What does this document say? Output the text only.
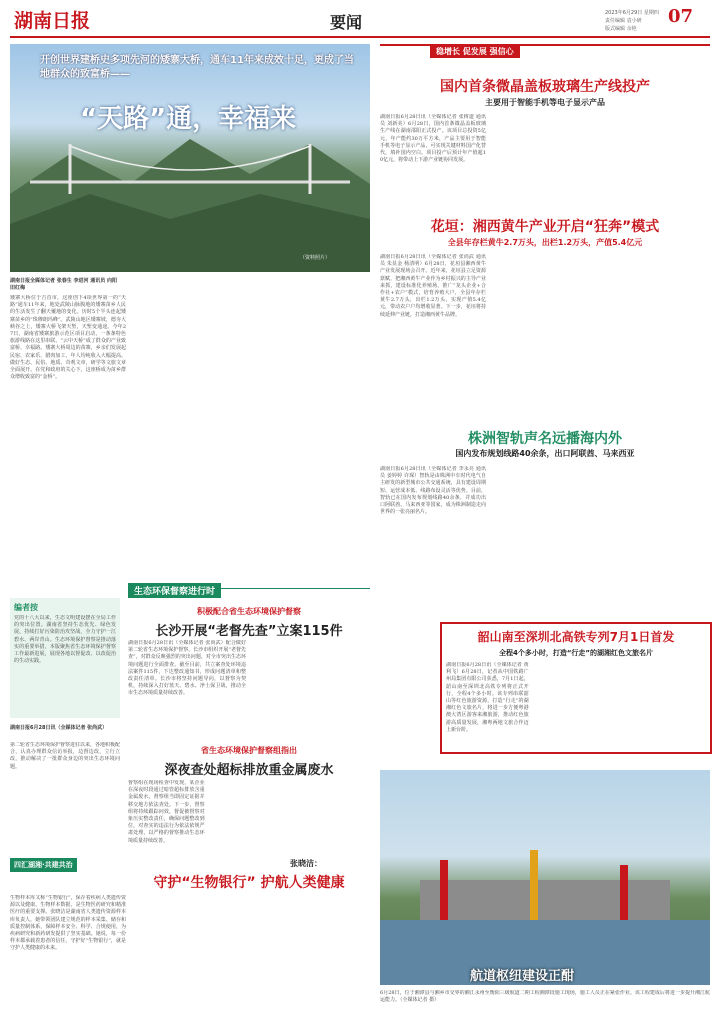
湖南日报	要闻	2023年6月29日 星期四
责任编辑 袁小研
版式编辑 余艳
07
开创世界建桥史多项先河的矮寨大桥，通车11年来成效十足，更成了当地群众的致富桥——
“天路”通，幸福来
（资料照片）
湖南日报全媒体记者 张春生 李进河 通讯员 向阳 田红梅
矮寨大桥位于吉首市，这座创下4项世界第一的“天路”通车11年来，地处武陵山脉腹地的矮寨苗乡人民的生活发生了翻天覆地的变化。历时5个半头连起矮寨苗乡的“珠穆朗玛峰”。武陵山地区矮寨坡，德夯大峡谷之上，矮寨大桥飞架天堑，天堑变通途。今年27日，湖南省矮寨旅游示范区项目启动，一条条特色旅游线路在这里串联。“云中天桥”成了群众的产业致富桥、幸福路。矮寨大桥周边的苗寨，乡亲们发展起民宿、农家乐、腊肉加工，年人均纯收入大幅提高。做好生态、民俗、地质、奇观文章，研学等文旅文章全面展开。在党和政府的关心下，这座桥成为苗乡群众增收致富的“金桥”。
编者按
党的十八大以来，生态文明建设摆在全局工作的突出位置。湖南省坚持生态优先、绿色发展，持续打好污染防治攻坚战，全力守护一江碧水、两岸青山。生态环境保护督察是推动落实的重要举措，本版聚焦省生态环境保护督察工作最新进展，展现各地以督促改、以改促治的生动实践。
生态环保督察进行时
积极配合省生态环境保护督察
长沙开展“老督先查”立案115件
湖南日报6月28日讯（全媒体记者 张尚武）配合做好第二轮省生态环境保护督察，长沙市组织开展“老督先查”，对群众反映强烈的突出问题、对全市突出生态环境问题进行全面排查。截至目前，共立案查处环境违法案件115件，下达整改通知书，形成问题清单和整改责任清单。长沙市将坚持问题导向，以督察为契机，持续深入打好蓝天、碧水、净土保卫战，推动全市生态环境质量持续改善。
湖南日报6月28日讯（全媒体记者 张尚武）
第二轮省生态环境保护督察进驻以来，各地积极配合，认真办理群众信访举报，边督边改，立行立改，推动解决了一批群众身边的突出生态环境问题。
省生态环境保护督察组指出
深夜查处超标排放重金属废水
督察组在现场检查中发现，某企业在深夜时段通过暗管超标排放含重金属废水，督察组当即固定证据并移交地方依法查处。下一步，督察组将持续跟踪问效，督促被督察对象压实整改责任，确保问题整改到位，对查实的违法行为依法依规严肃处理，以严格的督察推动生态环境质量持续改善。
四汇湖湘·共建共治	张晓洁：
守护“生物银行” 护航人类健康
生物样本库又称“生物银行”，保存着疾病人类遗传资源以及健康、生物样本数据，是生物医药研究和精准医疗的重要支撑。张晓洁是湖南省人类遗传资源样本库负责人，她带领团队建立规范的样本采集、储存和质量控制体系，保障样本安全、科学、合规使用，为疾病研究和新药研发提供了坚实基础。她说，每一份样本都承载着患者的信任，守护好“生物银行”，就是守护人类健康的未来。
稳增长 促发展 强信心
国内首条微晶盖板玻璃生产线投产
主要用于智能手机等电子显示产品
湖南日报6月28日讯（全媒体记者 张树道 通讯员 刘新美）6月28日，国内首条微晶盖板玻璃生产线在湖南邵阳正式投产。该项目总投资5亿元，年产能约30万平方米，产品主要用于智能手机等电子显示产品，可实现关键材料国产化替代，填补国内空白。项目投产后预计年产值超10亿元，将带动上下游产业链协同发展。
花垣：湘西黄牛产业开启“狂奔”模式
全县年存栏黄牛2.7万头，出栏1.2万头，产值5.4亿元
湖南日报6月28日讯（全媒体记者 张尚武 通讯员 朱显金 杨清明）6月28日，花垣县湘西黄牛产业发展现场会召开。近年来，花垣县立足资源禀赋，把湘西黄牛产业作为乡村振兴的主导产业来抓，建设标准化养殖场，推广“龙头企业+合作社+农户”模式，培育养殖大户，全县年存栏黄牛2.7万头，出栏1.2万头，实现产值5.4亿元，带动农户户均增收显著。下一步，花垣将持续延伸产业链，打造湘西黄牛品牌。
株洲智轨声名远播海内外
国内发布规划线路40余条，出口阿联酋、马来西亚
湖南日报6月28日讯（全媒体记者 李永亮 通讯员 姜婷婷 许琛）智轨是由株洲中车时代电气自主研发的新型城市公共交通系统，具有建设周期短、运营成本低、线路布设灵活等优势。目前，智轨已在国内发布规划线路40余条，并成功出口阿联酋、马来西亚等国家，成为株洲制造走向世界的一张亮丽名片。
韶山南至深圳北高铁专列7月1日首发
全程4个多小时，打造“行走”的湖湘红色文旅名片
湖南日报6月28日讯（全媒体记者 黄利飞）6月28日，记者从中国铁路广州局集团有限公司获悉，7月1日起，韶山南至深圳北高铁专列将正式开行，全程4个多小时。该专列串联韶山等红色旅游资源，打造“行走”的湖湘红色文旅名片，将进一步方便粤港澳大湾区游客来湘旅游，推动红色旅游高质量发展，湘粤两地文旅合作迈上新台阶。
航道枢纽建设正酣
6月28日，位于湘潭县与湘乡市交界的湘江永州至衡阳三级航道二期工程湘潭段施工现场，施工人员正在紧张作业。该工程建成后将进一步提升湘江航运能力。（全媒体记者 摄）
